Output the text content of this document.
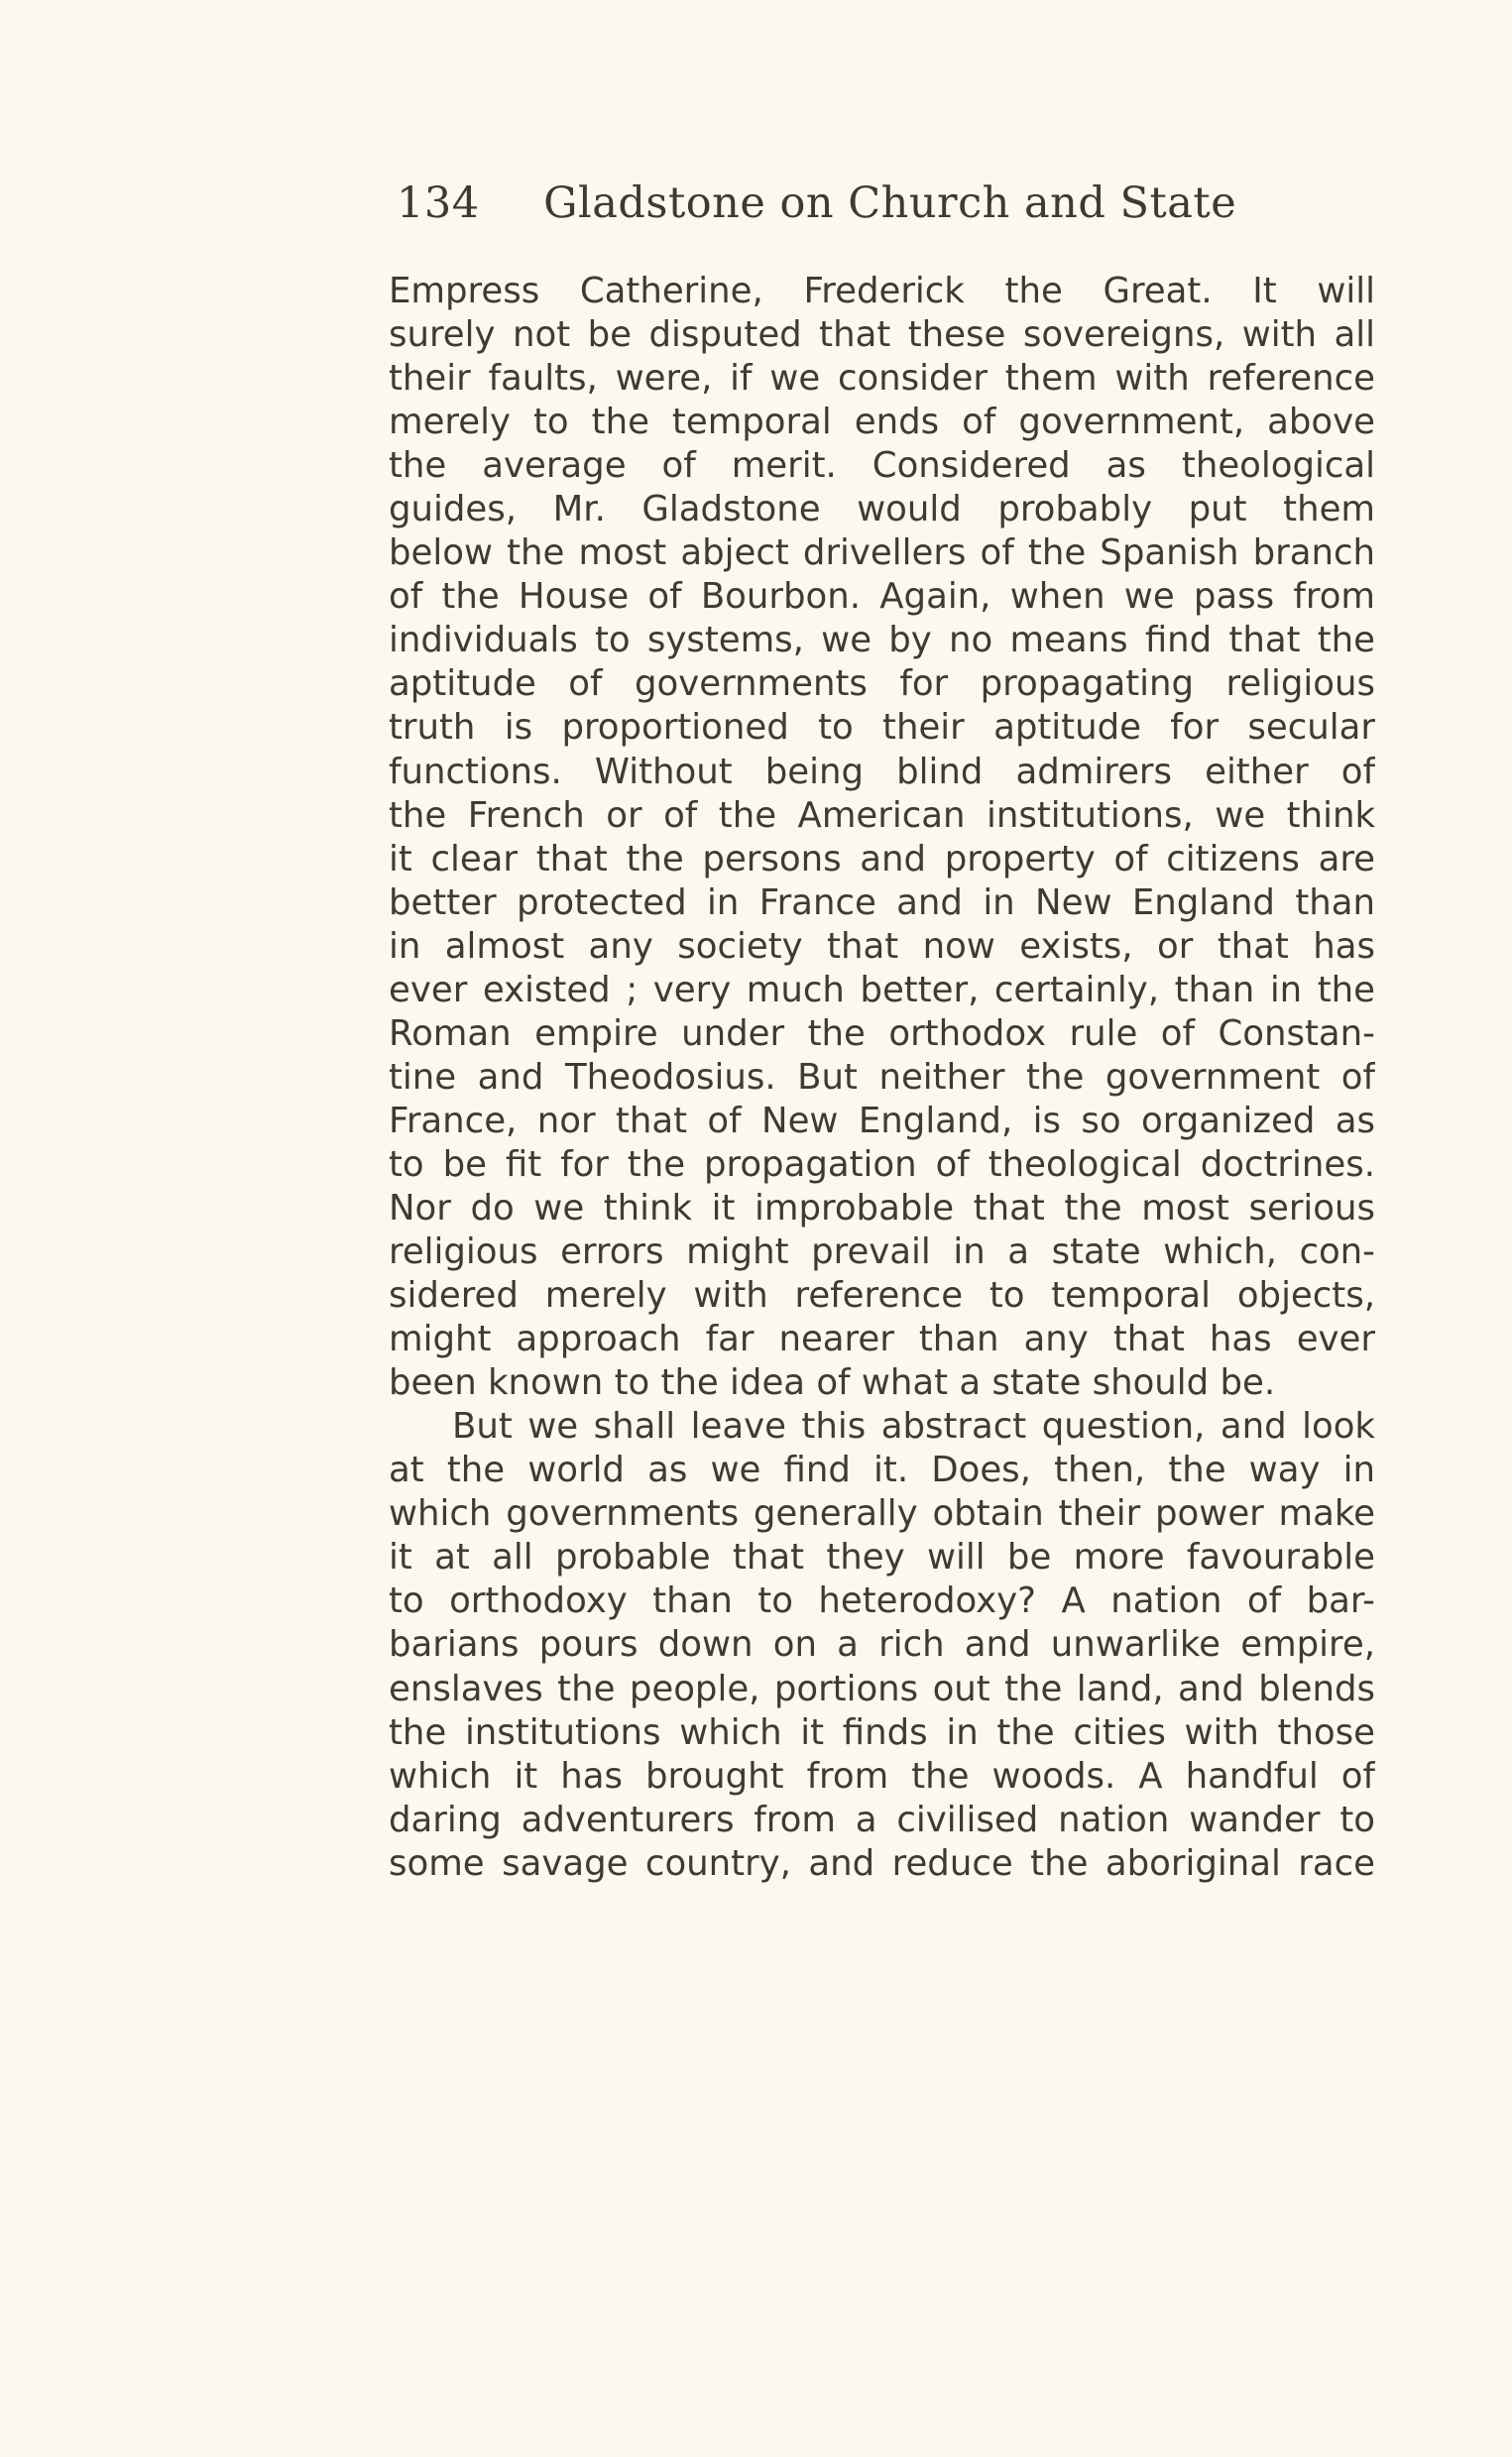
134 Gladstone on Church and State
Empress Catherine, Frederick the Great. It will
surely not be disputed that these sovereigns, with all
their faults, were, if we consider them with reference
merely to the temporal ends of government, above
the average of merit. Considered as theological
guides, Mr. Gladstone would probably put them
below the most abject drivellers of the Spanish branch
of the House of Bourbon. Again, when we pass from
individuals to systems, we by no means find that the
aptitude of governments for propagating religious
truth is proportioned to their aptitude for secular
functions. Without being blind admirers either of
the French or of the American institutions, we think
it clear that the persons and property of citizens are
better protected in France and in New England than
in almost any society that now exists, or that has
ever existed ; very much better, certainly, than in the
Roman empire under the orthodox rule of Constan-
tine and Theodosius. But neither the government of
France, nor that of New England, is so organized as
to be fit for the propagation of theological doctrines.
Nor do we think it improbable that the most serious
religious errors might prevail in a state which, con-
sidered merely with reference to temporal objects,
might approach far nearer than any that has ever
been known to the idea of what a state should be.
But we shall leave this abstract question, and look
at the world as we find it. Does, then, the way in
which governments generally obtain their power make
it at all probable that they will be more favourable
to orthodoxy than to heterodoxy? A nation of bar-
barians pours down on a rich and unwarlike empire,
enslaves the people, portions out the land, and blends
the institutions which it finds in the cities with those
which it has brought from the woods. A handful of
daring adventurers from a civilised nation wander to
some savage country, and reduce the aboriginal race
